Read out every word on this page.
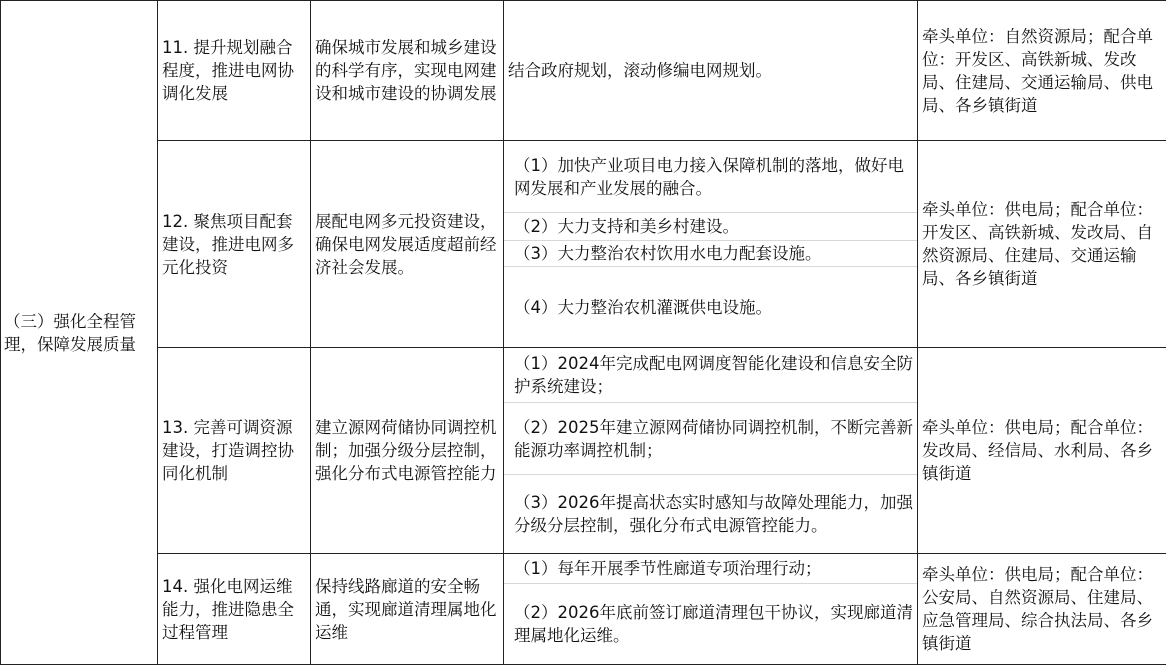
（三）强化全程管理，保障发展质量	11. 提升规划融合程度，推进电网协调化发展	确保城市发展和城乡建设的科学有序，实现电网建设和城市建设的协调发展	结合政府规划，滚动修编电网规划。	牵头单位：自然资源局；配合单位：开发区、高铁新城、发改局、住建局、交通运输局、供电局、各乡镇街道
	12. 聚焦项目配套建设，推进电网多元化投资	展配电网多元投资建设，确保电网发展适度超前经济社会发展。	（1）加快产业项目电力接入保障机制的落地，做好电网发展和产业发展的融合。
（2）大力支持和美乡村建设。
（3）大力整治农村饮用水电力配套设施。
（4）大力整治农机灌溉供电设施。	牵头单位：供电局；配合单位：开发区、高铁新城、发改局、自然资源局、住建局、交通运输局、各乡镇街道
	13. 完善可调资源建设，打造调控协同化机制	建立源网荷储协同调控机制；加强分级分层控制，强化分布式电源管控能力	（1）2024年完成配电网调度智能化建设和信息安全防护系统建设；
（2）2025年建立源网荷储协同调控机制，不断完善新能源功率调控机制；
（3）2026年提高状态实时感知与故障处理能力，加强分级分层控制，强化分布式电源管控能力。	牵头单位：供电局；配合单位：发改局、经信局、水利局、各乡镇街道
	14. 强化电网运维能力，推进隐患全过程管理	保持线路廊道的安全畅通，实现廊道清理属地化运维	（1）每年开展季节性廊道专项治理行动；
（2）2026年底前签订廊道清理包干协议，实现廊道清理属地化运维。	牵头单位：供电局；配合单位：公安局、自然资源局、住建局、应急管理局、综合执法局、各乡镇街道
